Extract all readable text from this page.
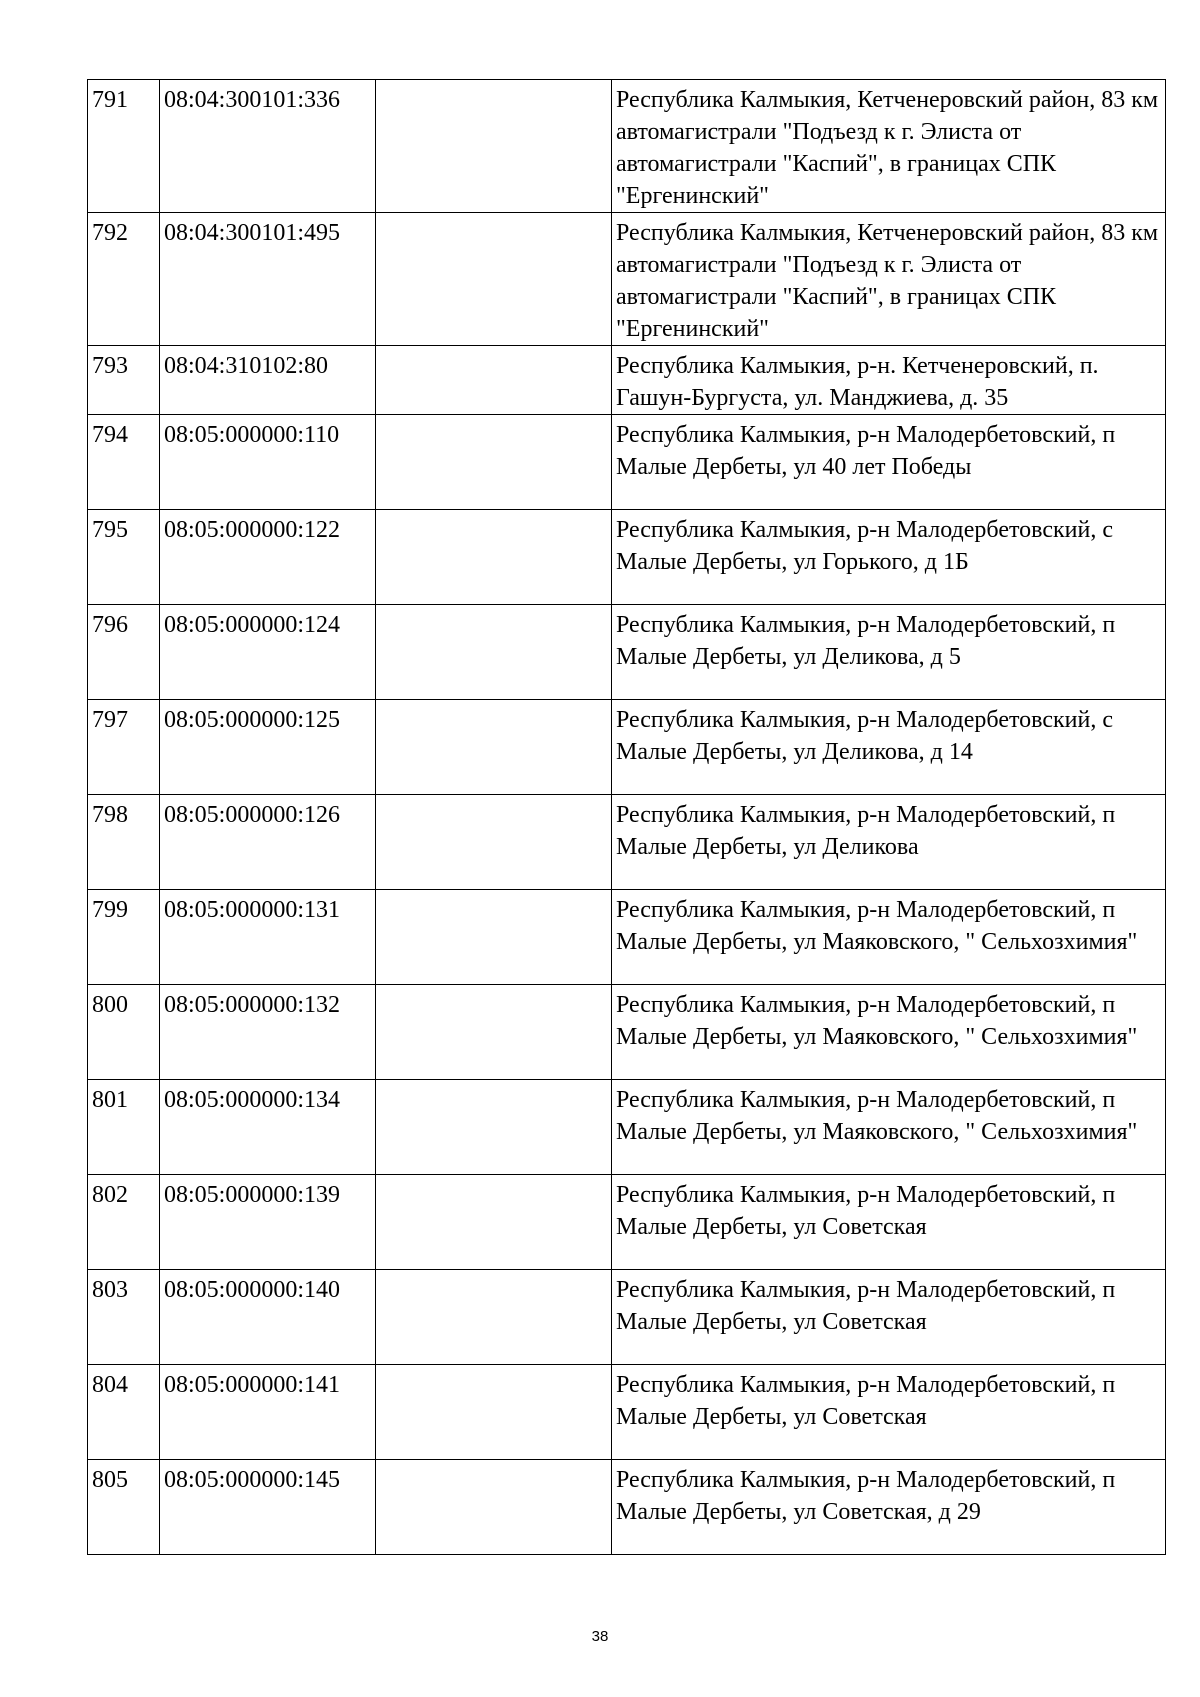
791	08:04:300101:336		Республика Калмыкия, Кетченеровский район, 83 км автомагистрали "Подъезд к г. Элиста от автомагистрали "Каспий", в границах СПК "Ергенинский"
792	08:04:300101:495		Республика Калмыкия, Кетченеровский район, 83 км автомагистрали "Подъезд к г. Элиста от автомагистрали "Каспий", в границах СПК "Ергенинский"
793	08:04:310102:80		Республика Калмыкия, р-н. Кетченеровский, п. Гашун-Бургуста, ул. Манджиева, д. 35
794	08:05:000000:110		Республика Калмыкия, р-н Малодербетовский, п Малые Дербеты, ул 40 лет Победы
795	08:05:000000:122		Республика Калмыкия, р-н Малодербетовский, с Малые Дербеты, ул Горького, д 1Б
796	08:05:000000:124		Республика Калмыкия, р-н Малодербетовский, п Малые Дербеты, ул Деликова, д 5
797	08:05:000000:125		Республика Калмыкия, р-н Малодербетовский, с Малые Дербеты, ул Деликова, д 14
798	08:05:000000:126		Республика Калмыкия, р-н Малодербетовский, п Малые Дербеты, ул Деликова
799	08:05:000000:131		Республика Калмыкия, р-н Малодербетовский, п Малые Дербеты, ул Маяковского, " Сельхозхимия"
800	08:05:000000:132		Республика Калмыкия, р-н Малодербетовский, п Малые Дербеты, ул Маяковского, " Сельхозхимия"
801	08:05:000000:134		Республика Калмыкия, р-н Малодербетовский, п Малые Дербеты, ул Маяковского, " Сельхозхимия"
802	08:05:000000:139		Республика Калмыкия, р-н Малодербетовский, п Малые Дербеты, ул Советская
803	08:05:000000:140		Республика Калмыкия, р-н Малодербетовский, п Малые Дербеты, ул Советская
804	08:05:000000:141		Республика Калмыкия, р-н Малодербетовский, п Малые Дербеты, ул Советская
805	08:05:000000:145		Республика Калмыкия, р-н Малодербетовский, п Малые Дербеты, ул Советская, д 29
38
